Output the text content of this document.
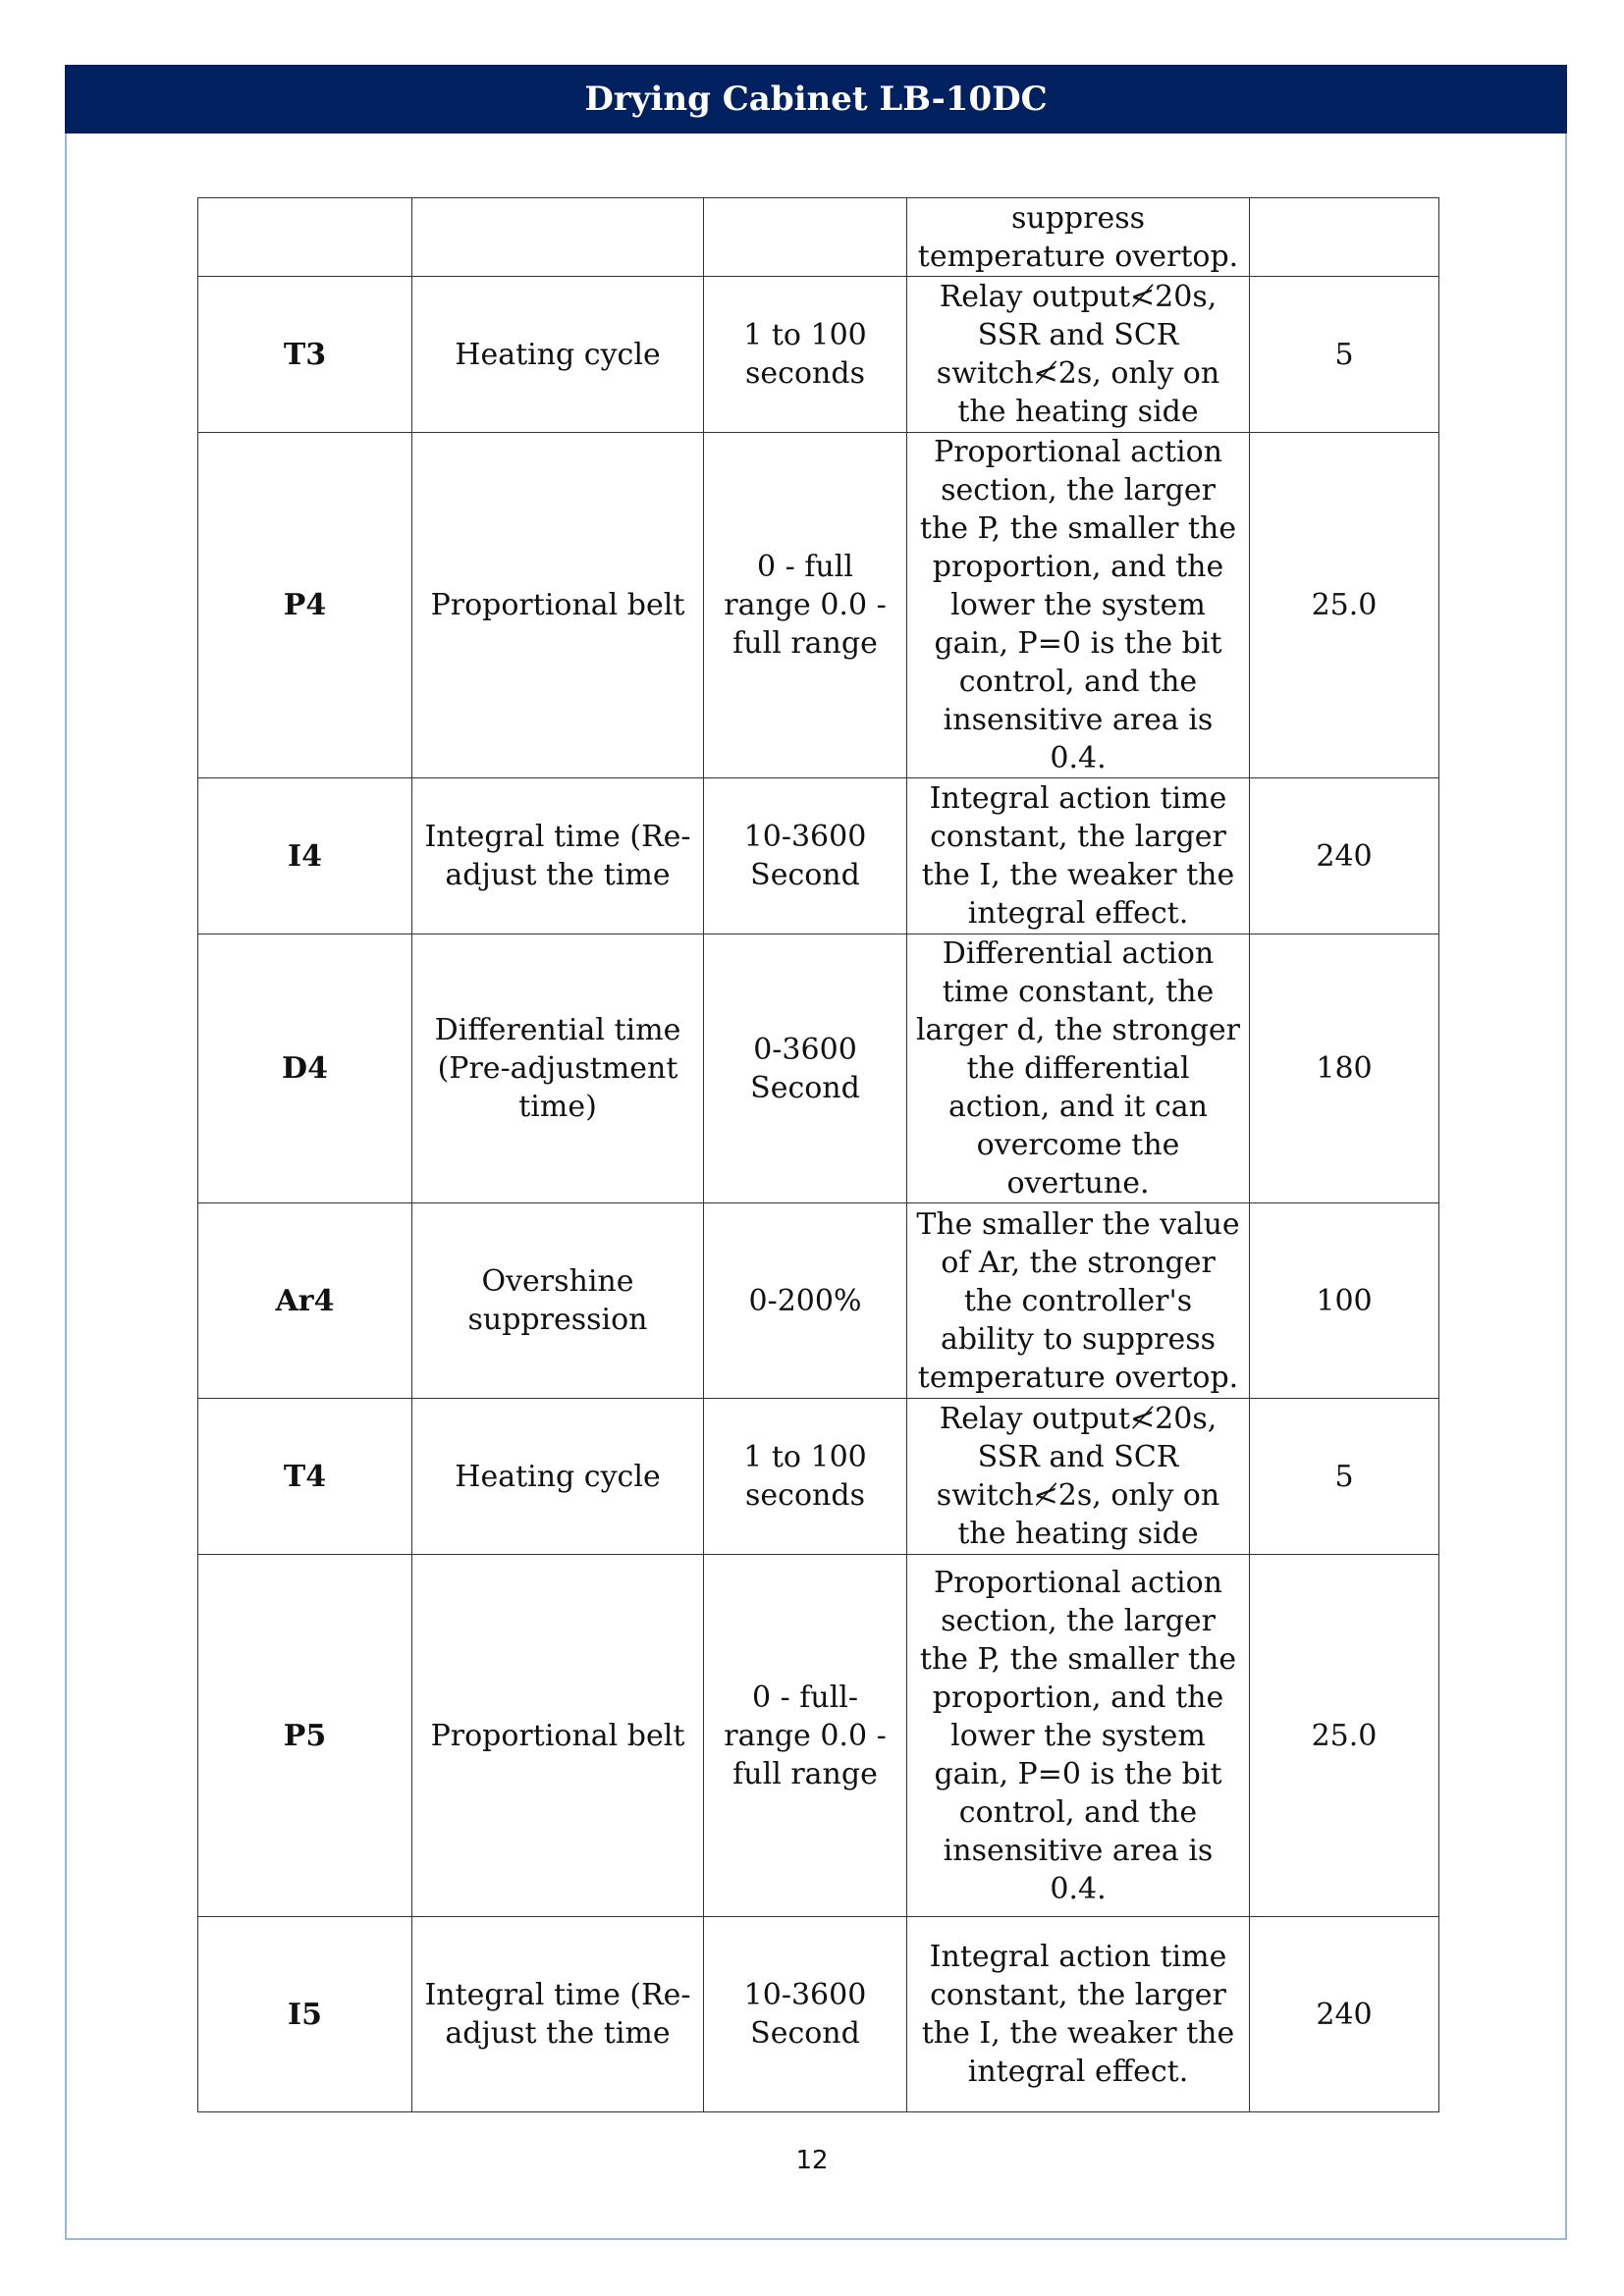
Drying Cabinet LB-10DC
			suppress temperature overtop.	
T3	Heating cycle	1 to 100 seconds	Relay output≮20s, SSR and SCR switch≮2s, only on the heating side	5
P4	Proportional belt	0 - full range 0.0 - full range	Proportional action section, the larger the P, the smaller the proportion, and the lower the system gain, P=0 is the bit control, and the insensitive area is 0.4.	25.0
I4	Integral time (Re-adjust the time	10-3600 Second	Integral action time constant, the larger the I, the weaker the integral effect.	240
D4	Differential time (Pre-adjustment time)	0-3600 Second	Differential action time constant, the larger d, the stronger the differential action, and it can overcome the overtune.	180
Ar4	Overshine suppression	0-200%	The smaller the value of Ar, the stronger the controller's ability to suppress temperature overtop.	100
T4	Heating cycle	1 to 100 seconds	Relay output≮20s, SSR and SCR switch≮2s, only on the heating side	5
P5	Proportional belt	0 - full-range 0.0 - full range	Proportional action section, the larger the P, the smaller the proportion, and the lower the system gain, P=0 is the bit control, and the insensitive area is 0.4.	25.0
I5	Integral time (Re-adjust the time	10-3600 Second	Integral action time constant, the larger the I, the weaker the integral effect.	240
12
